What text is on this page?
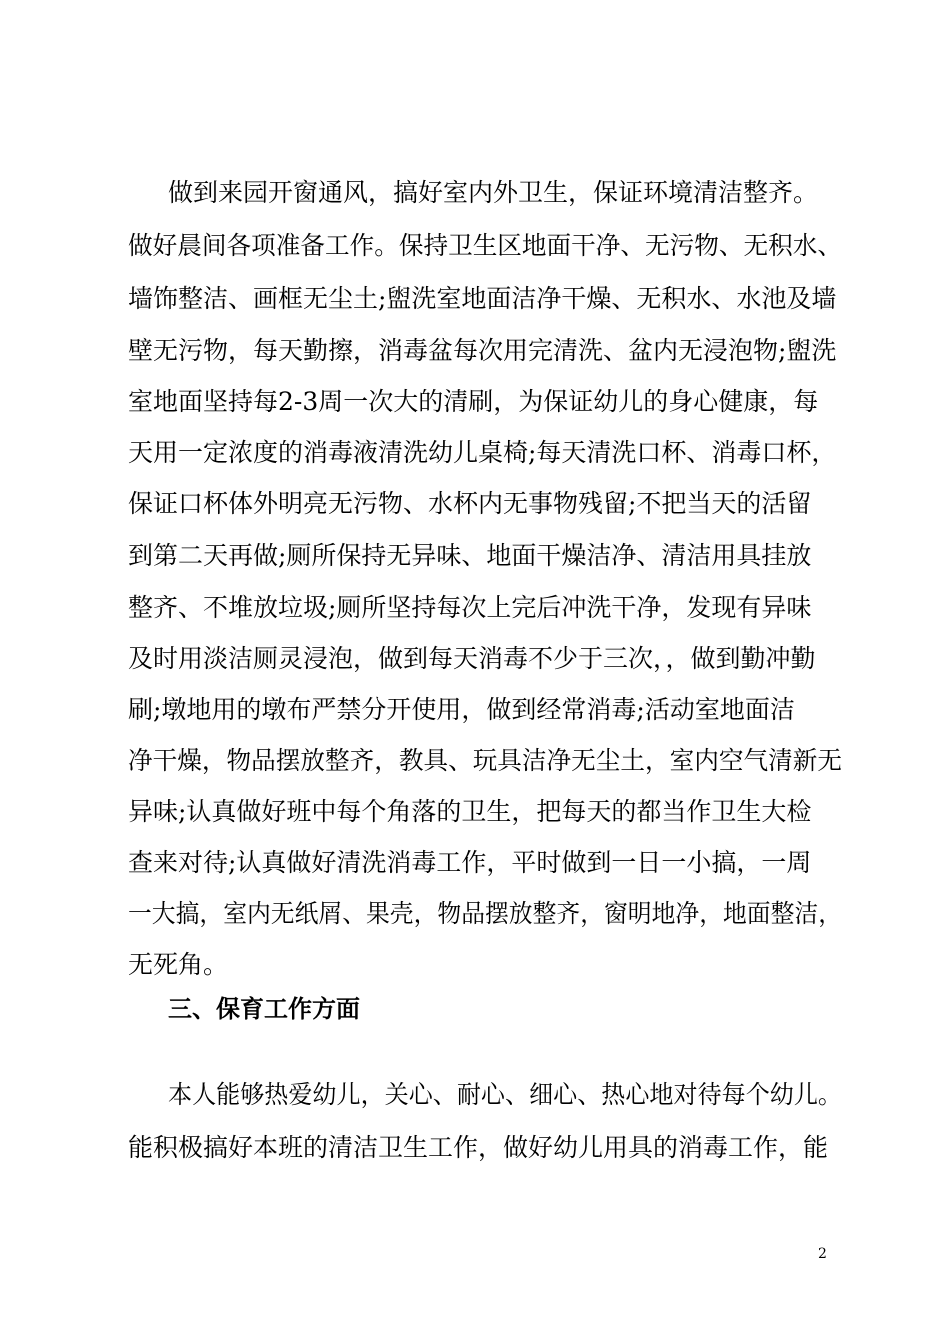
做到来园开窗通风，搞好室内外卫生，保证环境清洁整齐。
做好晨间各项准备工作。保持卫生区地面干净、无污物、无积水、
墙饰整洁、画框无尘土;盥洗室地面洁净干燥、无积水、水池及墙
壁无污物，每天勤擦，消毒盆每次用完清洗、盆内无浸泡物;盥洗
室地面坚持每2-3周一次大的清刷，为保证幼儿的身心健康，每
天用一定浓度的消毒液清洗幼儿桌椅;每天清洗口杯、消毒口杯，
保证口杯体外明亮无污物、水杯内无事物残留;不把当天的活留
到第二天再做;厕所保持无异味、地面干燥洁净、清洁用具挂放
整齐、不堆放垃圾;厕所坚持每次上完后冲洗干净，发现有异味
及时用淡洁厕灵浸泡，做到每天消毒不少于三次，，做到勤冲勤
刷;墩地用的墩布严禁分开使用，做到经常消毒;活动室地面洁
净干燥，物品摆放整齐，教具、玩具洁净无尘土，室内空气清新无
异味;认真做好班中每个角落的卫生，把每天的都当作卫生大检
查来对待;认真做好清洗消毒工作，平时做到一日一小搞，一周
一大搞，室内无纸屑、果壳，物品摆放整齐，窗明地净，地面整洁，
无死角。
三、保育工作方面
本人能够热爱幼儿，关心、耐心、细心、热心地对待每个幼儿。
能积极搞好本班的清洁卫生工作，做好幼儿用具的消毒工作，能
2
